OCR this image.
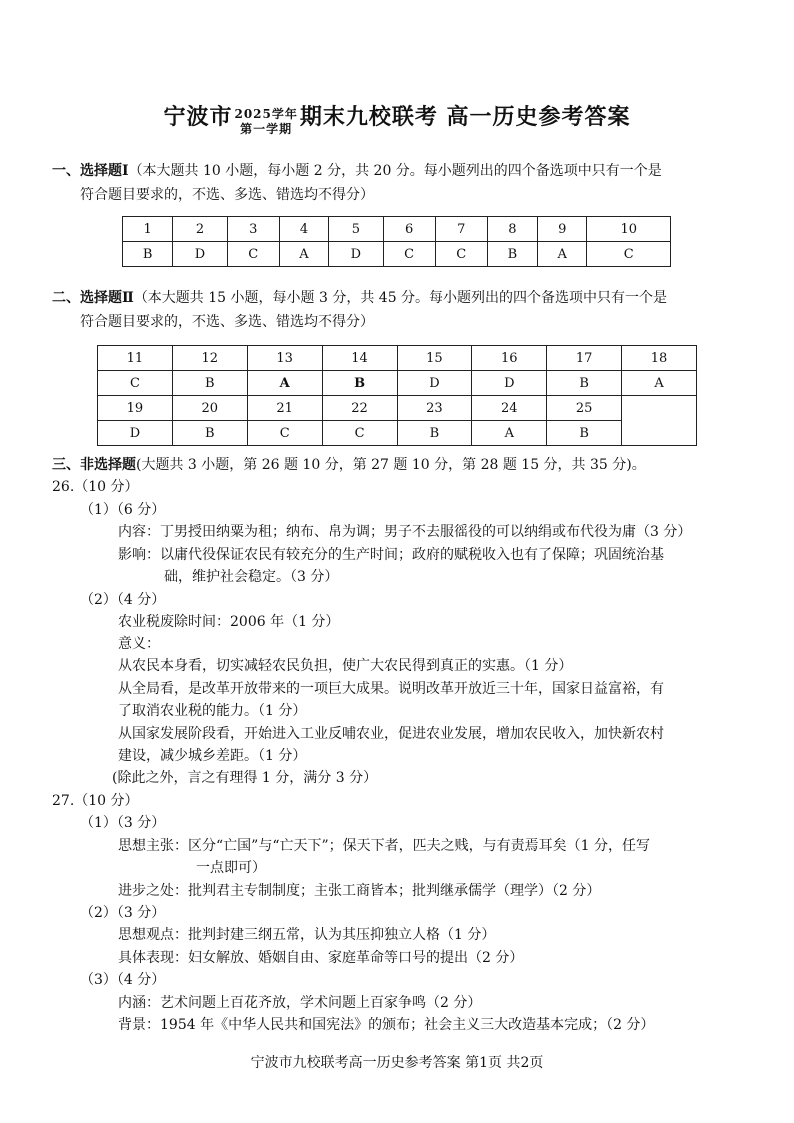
宁波市 2025学年
第一学期 期末九校联考 高一历史参考答案
一、选择题Ⅰ（本大题共 10 小题，每小题 2 分，共 20 分。每小题列出的四个备选项中只有一个是
符合题目要求的，不选、多选、错选均不得分）
1	2	3	4	5	6	7	8	9	10
B	D	C	A	D	C	C	B	A	C
二、选择题Ⅱ（本大题共 15 小题，每小题 3 分，共 45 分。每小题列出的四个备选项中只有一个是
符合题目要求的，不选、多选、错选均不得分）
11	12	13	14	15	16	17	18
C	B	A	B	D	D	B	A
19	20	21	22	23	24	25	
D	B	C	C	B	A	B	
三、非选择题(大题共 3 小题，第 26 题 10 分，第 27 题 10 分，第 28 题 15 分，共 35 分)。
26.（10 分）
（1）（6 分）
内容：丁男授田纳粟为租；纳布、帛为调；男子不去服徭役的可以纳绢或布代役为庸（3 分）
影响：以庸代役保证农民有较充分的生产时间；政府的赋税收入也有了保障；巩固统治基
础，维护社会稳定。（3 分）
（2）（4 分）
农业税废除时间：2006 年（1 分）
意义：
从农民本身看，切实减轻农民负担，使广大农民得到真正的实惠。（1 分）
从全局看，是改革开放带来的一项巨大成果。说明改革开放近三十年，国家日益富裕，有
了取消农业税的能力。（1 分）
从国家发展阶段看，开始进入工业反哺农业，促进农业发展，增加农民收入，加快新农村
建设，减少城乡差距。（1 分）
(除此之外，言之有理得 1 分，满分 3 分）
27.（10 分）
（1）（3 分）
思想主张：区分“亡国”与“亡天下”；保天下者，匹夫之贱，与有责焉耳矣（1 分，任写
一点即可）
进步之处：批判君主专制制度；主张工商皆本；批判继承儒学（理学）（2 分）
（2）（3 分）
思想观点：批判封建三纲五常，认为其压抑独立人格（1 分）
具体表现：妇女解放、婚姻自由、家庭革命等口号的提出（2 分）
（3）（4 分）
内涵：艺术问题上百花齐放，学术问题上百家争鸣（2 分）
背景：1954 年《中华人民共和国宪法》的颁布；社会主义三大改造基本完成；（2 分）
宁波市九校联考高一历史参考答案 第1页 共2页
